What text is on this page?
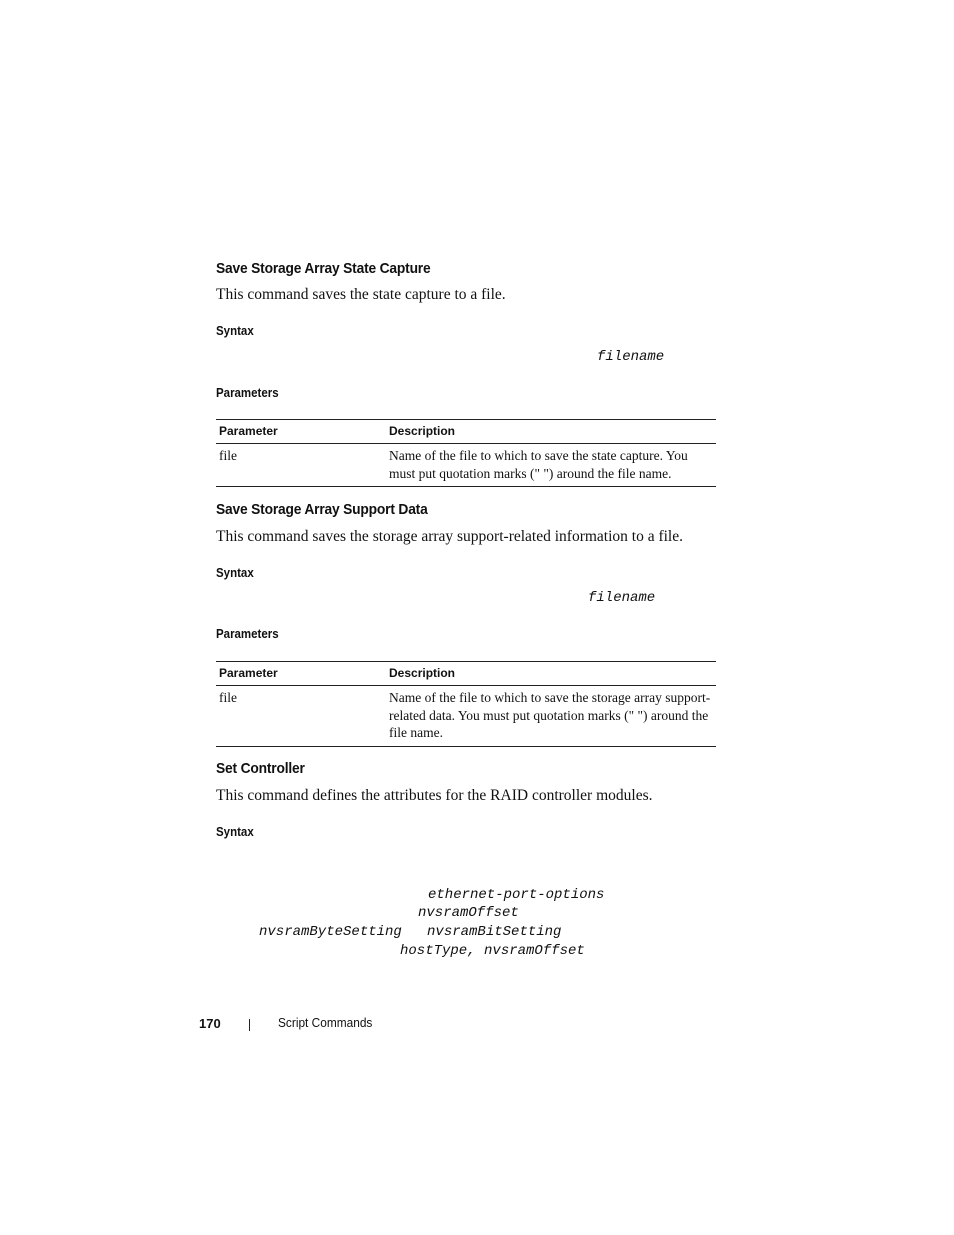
Save Storage Array State Capture
This command saves the state capture to a file.
Syntax
filename
Parameters
Parameter	Description
file	Name of the file to which to save the state capture. You must put quotation marks (" ") around the file name.
Save Storage Array Support Data
This command saves the storage array support-related information to a file.
Syntax
filename
Parameters
Parameter	Description
file	Name of the file to which to save the storage array support-related data. You must put quotation marks (" ") around the file name.
Set Controller
This command defines the attributes for the RAID controller modules.
Syntax
ethernet-port-options
nvsramOffset
nvsramByteSetting   nvsramBitSetting
hostType, nvsramOffset
170	Script Commands
